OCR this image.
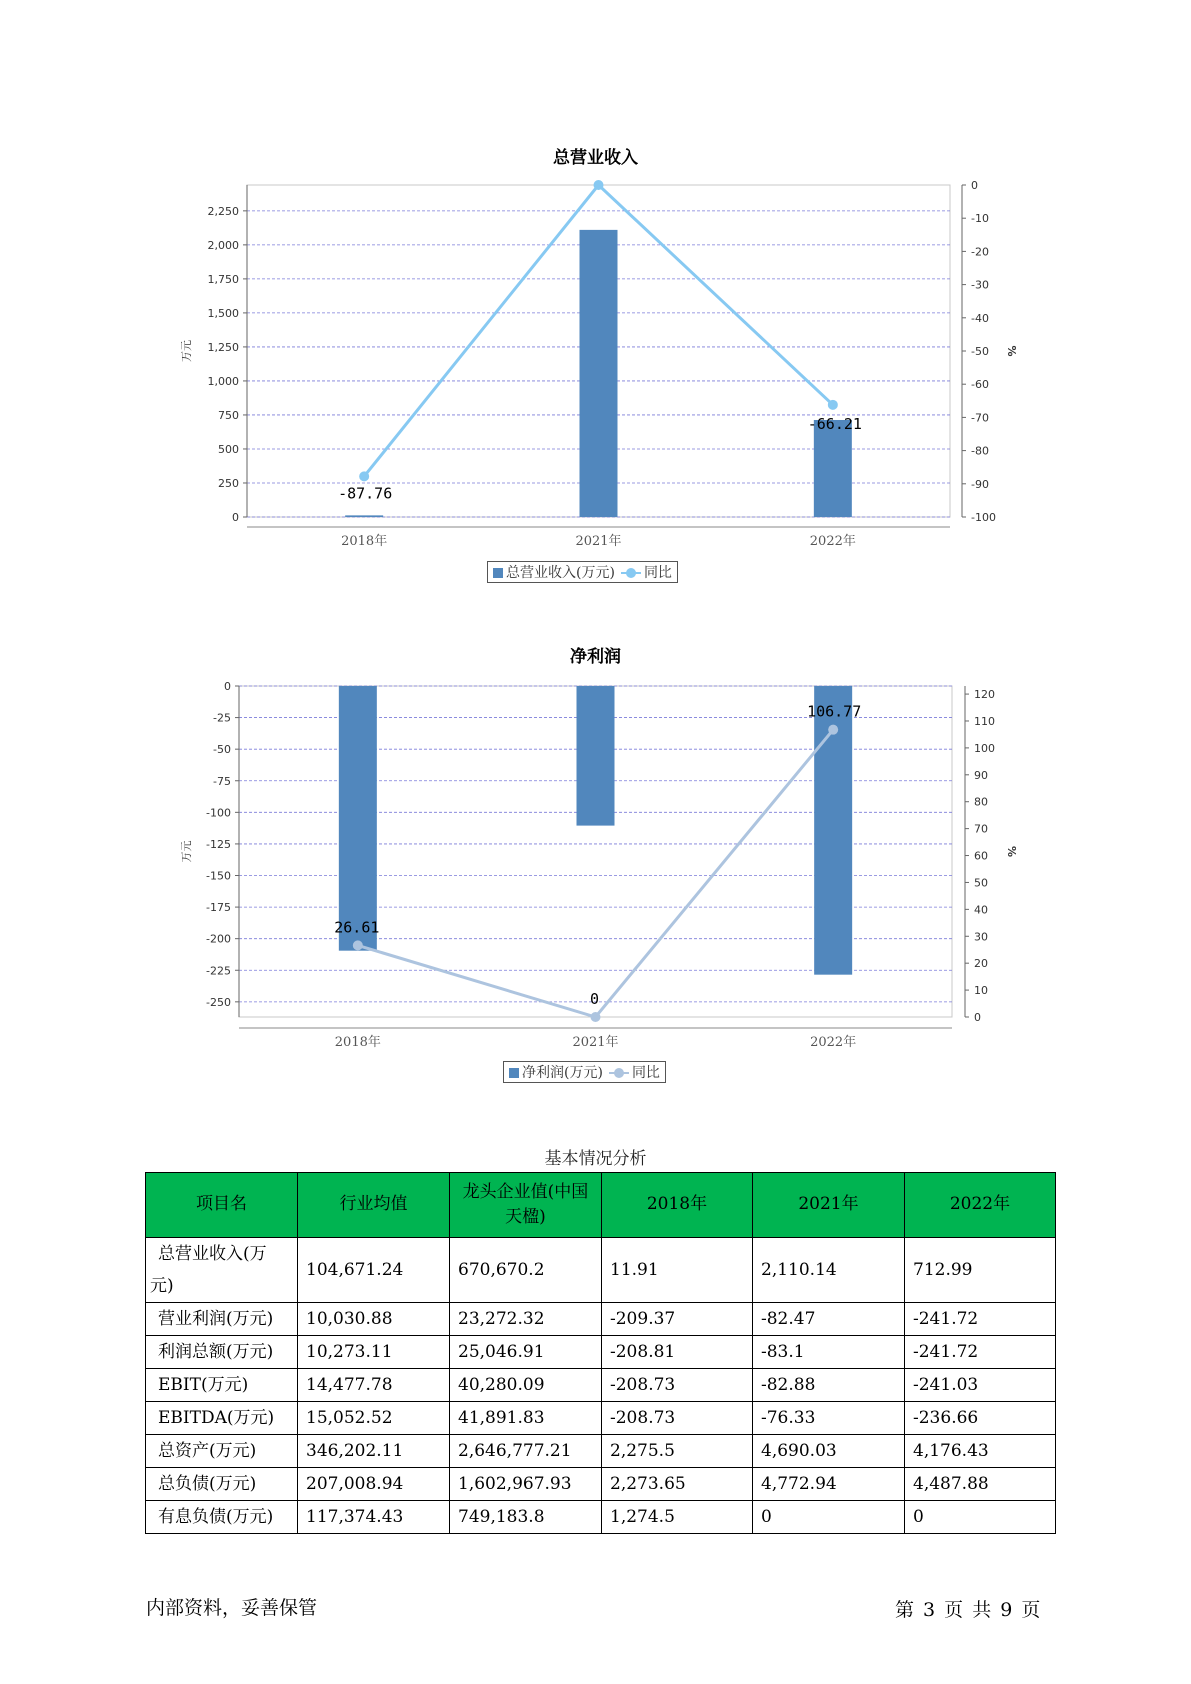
总营业收入
0
250
500
750
1,000
1,250
1,500
1,750
2,000
2,250
0
-10
-20
-30
-40
-50
-60
-70
-80
-90
-100
万元	%
2018年	2021年	2022年
-87.76
-66.21
总营业收入(万元) 同比
净利润
0
-25
-50
-75
-100
-125
-150
-175
-200
-225
-250
0
10
20
30
40
50
60
70
80
90
100
110
120
万元	%
2018年	2021年	2022年
26.61
0
106.77
净利润(万元) 同比
基本情况分析
项目名	行业均值	龙头企业值(中国天楹)	2018年	2021年	2022年
总营业收入(万元)	104,671.24	670,670.2	11.91	2,110.14	712.99
营业利润(万元)	10,030.88	23,272.32	-209.37	-82.47	-241.72
利润总额(万元)	10,273.11	25,046.91	-208.81	-83.1	-241.72
EBIT(万元)	14,477.78	40,280.09	-208.73	-82.88	-241.03
EBITDA(万元)	15,052.52	41,891.83	-208.73	-76.33	-236.66
总资产(万元)	346,202.11	2,646,777.21	2,275.5	4,690.03	4,176.43
总负债(万元)	207,008.94	1,602,967.93	2,273.65	4,772.94	4,487.88
有息负债(万元)	117,374.43	749,183.8	1,274.5	0	0
内部资料，妥善保管	第 3 页 共 9 页
